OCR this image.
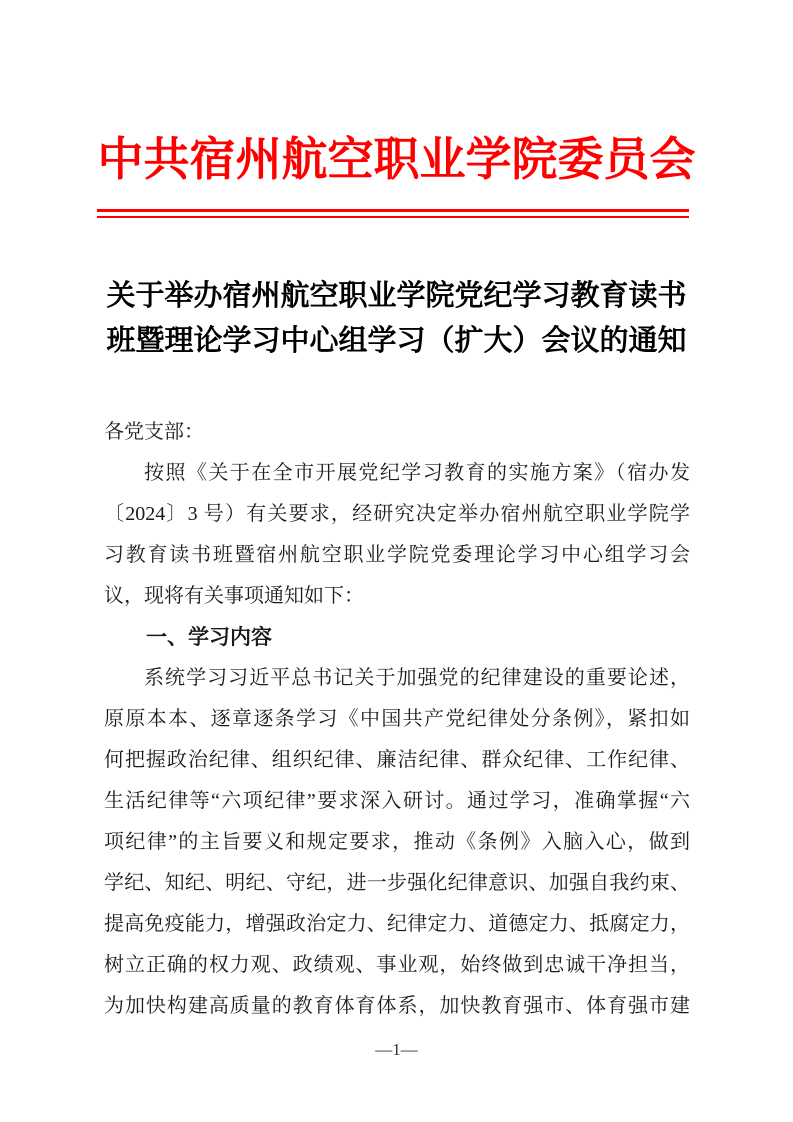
中共宿州航空职业学院委员会
关于举办宿州航空职业学院党纪学习教育读书
班暨理论学习中心组学习（扩大）会议的通知
各党支部：
按照《关于在全市开展党纪学习教育的实施方案》（宿办发
〔2024〕3 号）有关要求，经研究决定举办宿州航空职业学院学
习教育读书班暨宿州航空职业学院党委理论学习中心组学习会
议，现将有关事项通知如下：
一、学习内容
系统学习习近平总书记关于加强党的纪律建设的重要论述，
原原本本、逐章逐条学习《中国共产党纪律处分条例》，紧扣如
何把握政治纪律、组织纪律、廉洁纪律、群众纪律、工作纪律、
生活纪律等“六项纪律”要求深入研讨。通过学习，准确掌握“六
项纪律”的主旨要义和规定要求，推动《条例》入脑入心，做到
学纪、知纪、明纪、守纪，进一步强化纪律意识、加强自我约束、
提高免疫能力，增强政治定力、纪律定力、道德定力、抵腐定力，
树立正确的权力观、政绩观、事业观，始终做到忠诚干净担当，
为加快构建高质量的教育体育体系，加快教育强市、体育强市建
—1—
